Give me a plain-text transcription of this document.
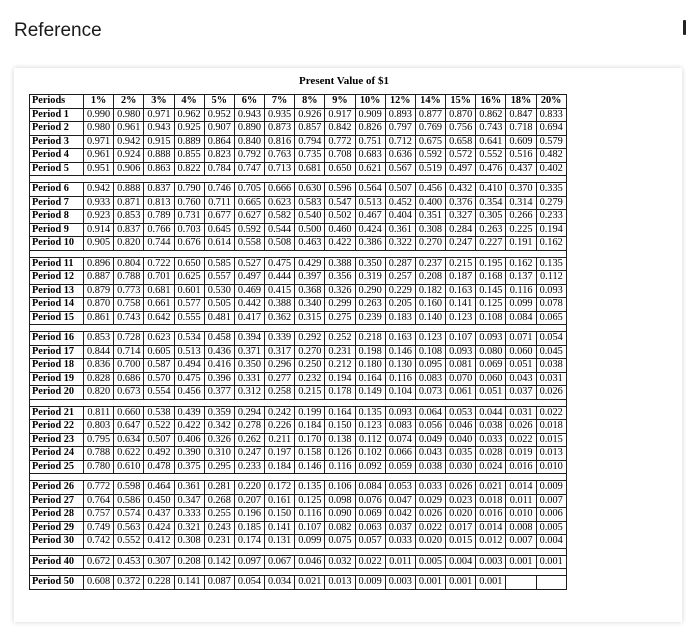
Reference
Present Value of $1
Periods	1%	2%	3%	4%	5%	6%	7%	8%	9%	10%	12%	14%	15%	16%	18%	20%
Period 1	0.990	0.980	0.971	0.962	0.952	0.943	0.935	0.926	0.917	0.909	0.893	0.877	0.870	0.862	0.847	0.833
Period 2	0.980	0.961	0.943	0.925	0.907	0.890	0.873	0.857	0.842	0.826	0.797	0.769	0.756	0.743	0.718	0.694
Period 3	0.971	0.942	0.915	0.889	0.864	0.840	0.816	0.794	0.772	0.751	0.712	0.675	0.658	0.641	0.609	0.579
Period 4	0.961	0.924	0.888	0.855	0.823	0.792	0.763	0.735	0.708	0.683	0.636	0.592	0.572	0.552	0.516	0.482
Period 5	0.951	0.906	0.863	0.822	0.784	0.747	0.713	0.681	0.650	0.621	0.567	0.519	0.497	0.476	0.437	0.402

Period 6	0.942	0.888	0.837	0.790	0.746	0.705	0.666	0.630	0.596	0.564	0.507	0.456	0.432	0.410	0.370	0.335
Period 7	0.933	0.871	0.813	0.760	0.711	0.665	0.623	0.583	0.547	0.513	0.452	0.400	0.376	0.354	0.314	0.279
Period 8	0.923	0.853	0.789	0.731	0.677	0.627	0.582	0.540	0.502	0.467	0.404	0.351	0.327	0.305	0.266	0.233
Period 9	0.914	0.837	0.766	0.703	0.645	0.592	0.544	0.500	0.460	0.424	0.361	0.308	0.284	0.263	0.225	0.194
Period 10	0.905	0.820	0.744	0.676	0.614	0.558	0.508	0.463	0.422	0.386	0.322	0.270	0.247	0.227	0.191	0.162

Period 11	0.896	0.804	0.722	0.650	0.585	0.527	0.475	0.429	0.388	0.350	0.287	0.237	0.215	0.195	0.162	0.135
Period 12	0.887	0.788	0.701	0.625	0.557	0.497	0.444	0.397	0.356	0.319	0.257	0.208	0.187	0.168	0.137	0.112
Period 13	0.879	0.773	0.681	0.601	0.530	0.469	0.415	0.368	0.326	0.290	0.229	0.182	0.163	0.145	0.116	0.093
Period 14	0.870	0.758	0.661	0.577	0.505	0.442	0.388	0.340	0.299	0.263	0.205	0.160	0.141	0.125	0.099	0.078
Period 15	0.861	0.743	0.642	0.555	0.481	0.417	0.362	0.315	0.275	0.239	0.183	0.140	0.123	0.108	0.084	0.065

Period 16	0.853	0.728	0.623	0.534	0.458	0.394	0.339	0.292	0.252	0.218	0.163	0.123	0.107	0.093	0.071	0.054
Period 17	0.844	0.714	0.605	0.513	0.436	0.371	0.317	0.270	0.231	0.198	0.146	0.108	0.093	0.080	0.060	0.045
Period 18	0.836	0.700	0.587	0.494	0.416	0.350	0.296	0.250	0.212	0.180	0.130	0.095	0.081	0.069	0.051	0.038
Period 19	0.828	0.686	0.570	0.475	0.396	0.331	0.277	0.232	0.194	0.164	0.116	0.083	0.070	0.060	0.043	0.031
Period 20	0.820	0.673	0.554	0.456	0.377	0.312	0.258	0.215	0.178	0.149	0.104	0.073	0.061	0.051	0.037	0.026

Period 21	0.811	0.660	0.538	0.439	0.359	0.294	0.242	0.199	0.164	0.135	0.093	0.064	0.053	0.044	0.031	0.022
Period 22	0.803	0.647	0.522	0.422	0.342	0.278	0.226	0.184	0.150	0.123	0.083	0.056	0.046	0.038	0.026	0.018
Period 23	0.795	0.634	0.507	0.406	0.326	0.262	0.211	0.170	0.138	0.112	0.074	0.049	0.040	0.033	0.022	0.015
Period 24	0.788	0.622	0.492	0.390	0.310	0.247	0.197	0.158	0.126	0.102	0.066	0.043	0.035	0.028	0.019	0.013
Period 25	0.780	0.610	0.478	0.375	0.295	0.233	0.184	0.146	0.116	0.092	0.059	0.038	0.030	0.024	0.016	0.010

Period 26	0.772	0.598	0.464	0.361	0.281	0.220	0.172	0.135	0.106	0.084	0.053	0.033	0.026	0.021	0.014	0.009
Period 27	0.764	0.586	0.450	0.347	0.268	0.207	0.161	0.125	0.098	0.076	0.047	0.029	0.023	0.018	0.011	0.007
Period 28	0.757	0.574	0.437	0.333	0.255	0.196	0.150	0.116	0.090	0.069	0.042	0.026	0.020	0.016	0.010	0.006
Period 29	0.749	0.563	0.424	0.321	0.243	0.185	0.141	0.107	0.082	0.063	0.037	0.022	0.017	0.014	0.008	0.005
Period 30	0.742	0.552	0.412	0.308	0.231	0.174	0.131	0.099	0.075	0.057	0.033	0.020	0.015	0.012	0.007	0.004

Period 40	0.672	0.453	0.307	0.208	0.142	0.097	0.067	0.046	0.032	0.022	0.011	0.005	0.004	0.003	0.001	0.001

Period 50	0.608	0.372	0.228	0.141	0.087	0.054	0.034	0.021	0.013	0.009	0.003	0.001	0.001	0.001		
